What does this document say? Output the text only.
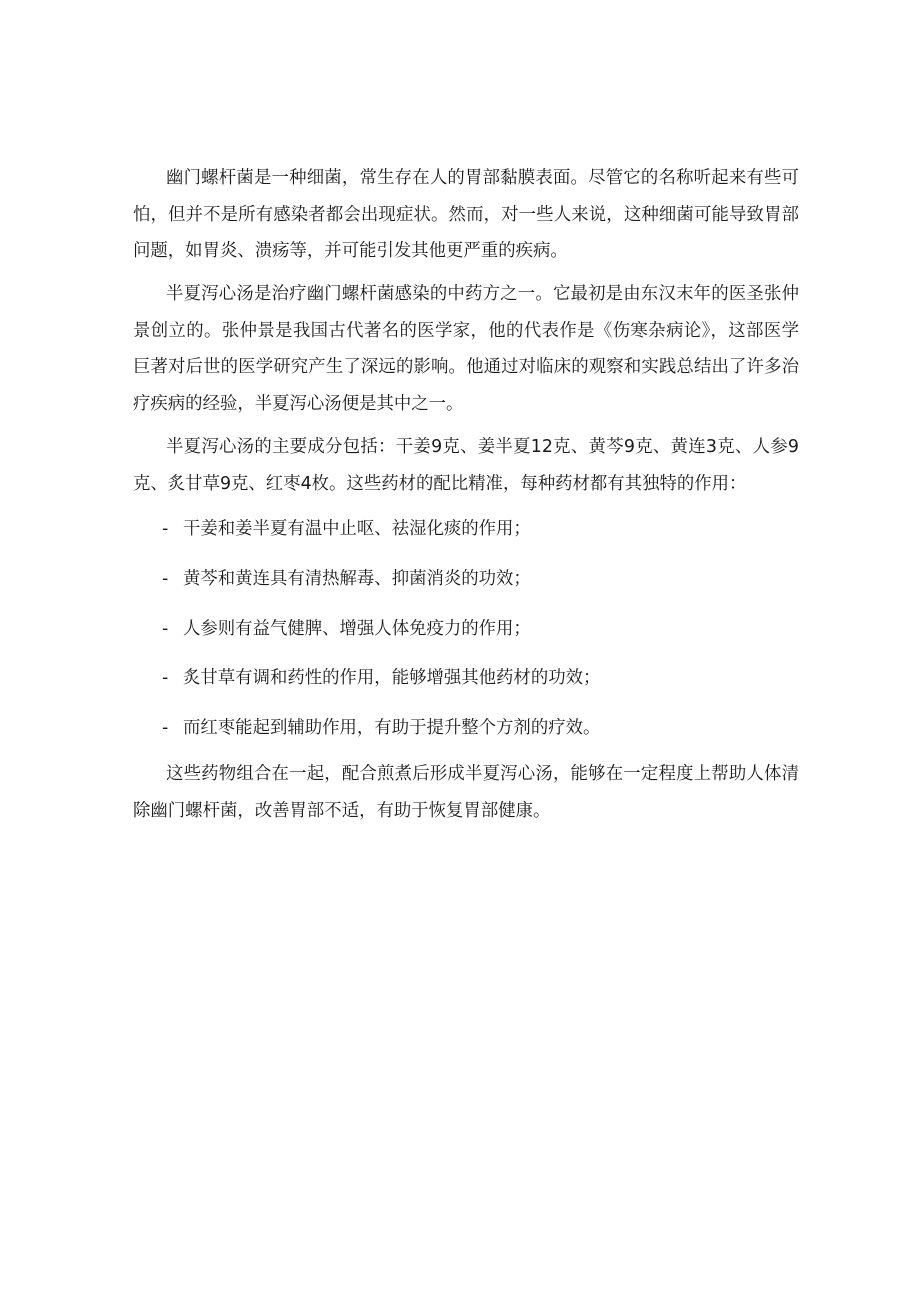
幽门螺杆菌是一种细菌，常生存在人的胃部黏膜表面。尽管它的名称听起来有些可
怕，但并不是所有感染者都会出现症状。然而，对一些人来说，这种细菌可能导致胃部
问题，如胃炎、溃疡等，并可能引发其他更严重的疾病。
半夏泻心汤是治疗幽门螺杆菌感染的中药方之一。它最初是由东汉末年的医圣张仲
景创立的。张仲景是我国古代著名的医学家，他的代表作是《伤寒杂病论》，这部医学
巨著对后世的医学研究产生了深远的影响。他通过对临床的观察和实践总结出了许多治
疗疾病的经验，半夏泻心汤便是其中之一。
半夏泻心汤的主要成分包括：干姜9克、姜半夏12克、黄芩9克、黄连3克、人参9
克、炙甘草9克、红枣4枚。这些药材的配比精准，每种药材都有其独特的作用：
- 干姜和姜半夏有温中止呕、祛湿化痰的作用；
- 黄芩和黄连具有清热解毒、抑菌消炎的功效；
- 人参则有益气健脾、增强人体免疫力的作用；
- 炙甘草有调和药性的作用，能够增强其他药材的功效；
- 而红枣能起到辅助作用，有助于提升整个方剂的疗效。
这些药物组合在一起，配合煎煮后形成半夏泻心汤，能够在一定程度上帮助人体清
除幽门螺杆菌，改善胃部不适，有助于恢复胃部健康。
